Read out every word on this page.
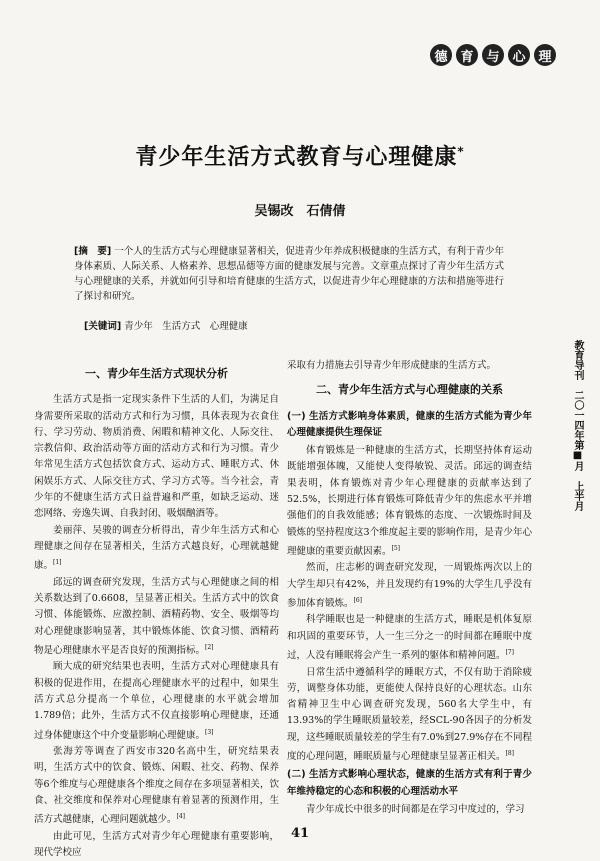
德 育 与 心 理
青少年生活方式教育与心理健康*
吴锡改　石倩倩
[摘　要] 一个人的生活方式与心理健康显著相关，促进青少年养成积极健康的生活方式，有利于青少年身体素质、人际关系、人格素养、思想品德等方面的健康发展与完善。文章重点探讨了青少年生活方式与心理健康的关系，并就如何引导和培育健康的生活方式，以促进青少年心理健康的方法和措施等进行了探讨和研究。
[关键词] 青少年　生活方式　心理健康
一、青少年生活方式现状分析

生活方式是指一定现实条件下生活的人们，为满足自身需要所采取的活动方式和行为习惯，具体表现为衣食住行、学习劳动、物质消费、闲暇和精神文化、人际交往、宗教信仰、政治活动等方面的活动方式和行为习惯。青少年常见生活方式包括饮食方式、运动方式、睡眠方式、休闲娱乐方式、人际交往方式、学习方式等。当今社会，青少年的不健康生活方式日益普遍和严重，如缺乏运动、迷恋网络、旁逸失调、自我封闭、吸烟酗酒等。

姜丽萍、吴骏的调查分析得出，青少年生活方式和心理健康之间存在显著相关，生活方式越良好，心理就越健康。[1]

邱远的调查研究发现，生活方式与心理健康之间的相关系数达到了0.6608，呈显著正相关。生活方式中的饮食习惯、体能锻炼、应激控制、酒精药物、安全、吸烟等均对心理健康影响显著，其中锻炼体能、饮食习惯、酒精药物是心理健康水平是否良好的预测指标。[2]

顾大成的研究结果也表明，生活方式对心理健康具有积极的促进作用，在提高心理健康水平的过程中，如果生活方式总分提高一个单位，心理健康的水平就会增加1.789倍；此外，生活方式不仅直接影响心理健康，还通过身体健康这个中介变量影响心理健康。[3]

张海芳等调查了西安市320名高中生，研究结果表明，生活方式中的饮食、锻炼、闲暇、社交、药物、保养等6个维度与心理健康各个维度之间存在多项显著相关，饮食、社交维度和保养对心理健康有着显著的预测作用，生活方式越健康，心理问题就越少。[4]

由此可见，生活方式对青少年心理健康有重要影响，现代学校应

采取有力措施去引导青少年形成健康的生活方式。

二、青少年生活方式与心理健康的关系
(一) 生活方式影响身体素质，健康的生活方式能为青少年心理健康提供生理保证

体育锻炼是一种健康的生活方式，长期坚持体育运动既能增强体魄，又能使人变得敏锐、灵活。邱远的调查结果表明，体育锻炼对青少年心理健康的贡献率达到了52.5%，长期进行体育锻炼可降低青少年的焦虑水平并增强他们的自我效能感；体育锻炼的态度、一次锻炼时间及锻炼的坚持程度这3个维度起主要的影响作用，是青少年心理健康的重要贡献因素。[5]

然而，庄志彬的调查研究发现，一周锻炼两次以上的大学生却只有42%，并且发现约有19%的大学生几乎没有参加体育锻炼。[6]

科学睡眠也是一种健康的生活方式，睡眠是机体复原和巩固的重要环节，人一生三分之一的时间都在睡眠中度过，人没有睡眠将会产生一系列的躯体和精神问题。[7]

日常生活中遵循科学的睡眠方式，不仅有助于消除疲劳，调整身体功能，更能使人保持良好的心理状态。山东省精神卫生中心调查研究发现，560名大学生中，有13.93%的学生睡眠质量较差，经SCL-90各因子的分析发现，这些睡眠质量较差的学生有7.0%到27.9%存在不同程度的心理问题，睡眠质量与心理健康呈显著正相关。[8]

(二) 生活方式影响心理状态，健康的生活方式有利于青少年维持稳定的心态和积极的心理活动水平

青少年成长中很多的时间都是在学习中度过的，学习

教育导刊　二〇一四年第■月　上半月
41
